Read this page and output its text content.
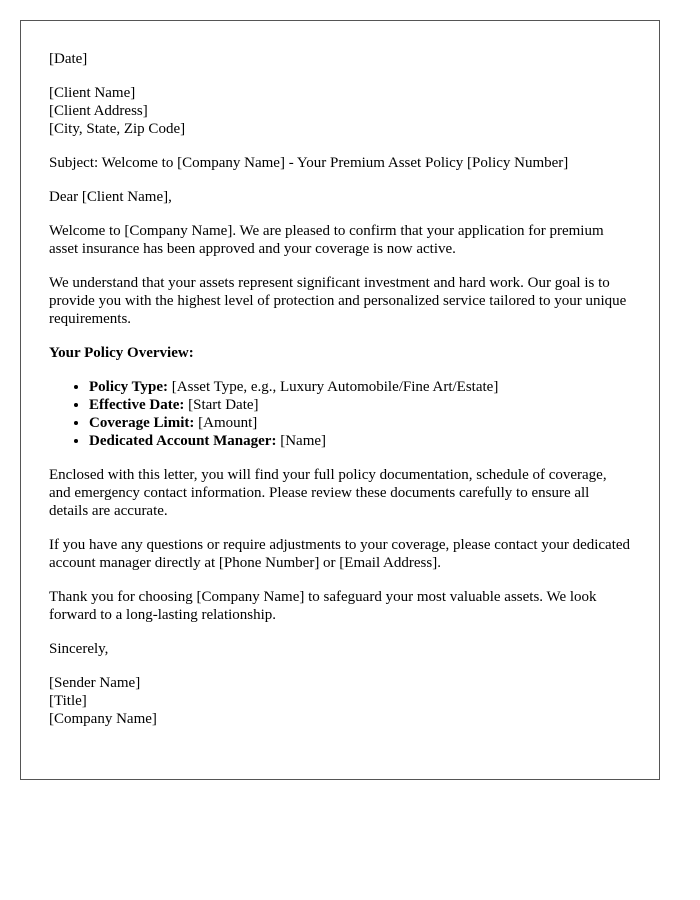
[Date]
[Client Name]
[Client Address]
[City, State, Zip Code]

Subject: Welcome to [Company Name] - Your Premium Asset Policy [Policy Number]

Dear [Client Name],

Welcome to [Company Name]. We are pleased to confirm that your application for premium asset insurance has been approved and your coverage is now active.

We understand that your assets represent significant investment and hard work. Our goal is to provide you with the highest level of protection and personalized service tailored to your unique requirements.

Your Policy Overview:
• Policy Type: [Asset Type, e.g., Luxury Automobile/Fine Art/Estate]
• Effective Date: [Start Date]
• Coverage Limit: [Amount]
• Dedicated Account Manager: [Name]

Enclosed with this letter, you will find your full policy documentation, schedule of coverage, and emergency contact information. Please review these documents carefully to ensure all details are accurate.

If you have any questions or require adjustments to your coverage, please contact your dedicated account manager directly at [Phone Number] or [Email Address].

Thank you for choosing [Company Name] to safeguard your most valuable assets. We look forward to a long-lasting relationship.

Sincerely,

[Sender Name]
[Title]
[Company Name]
